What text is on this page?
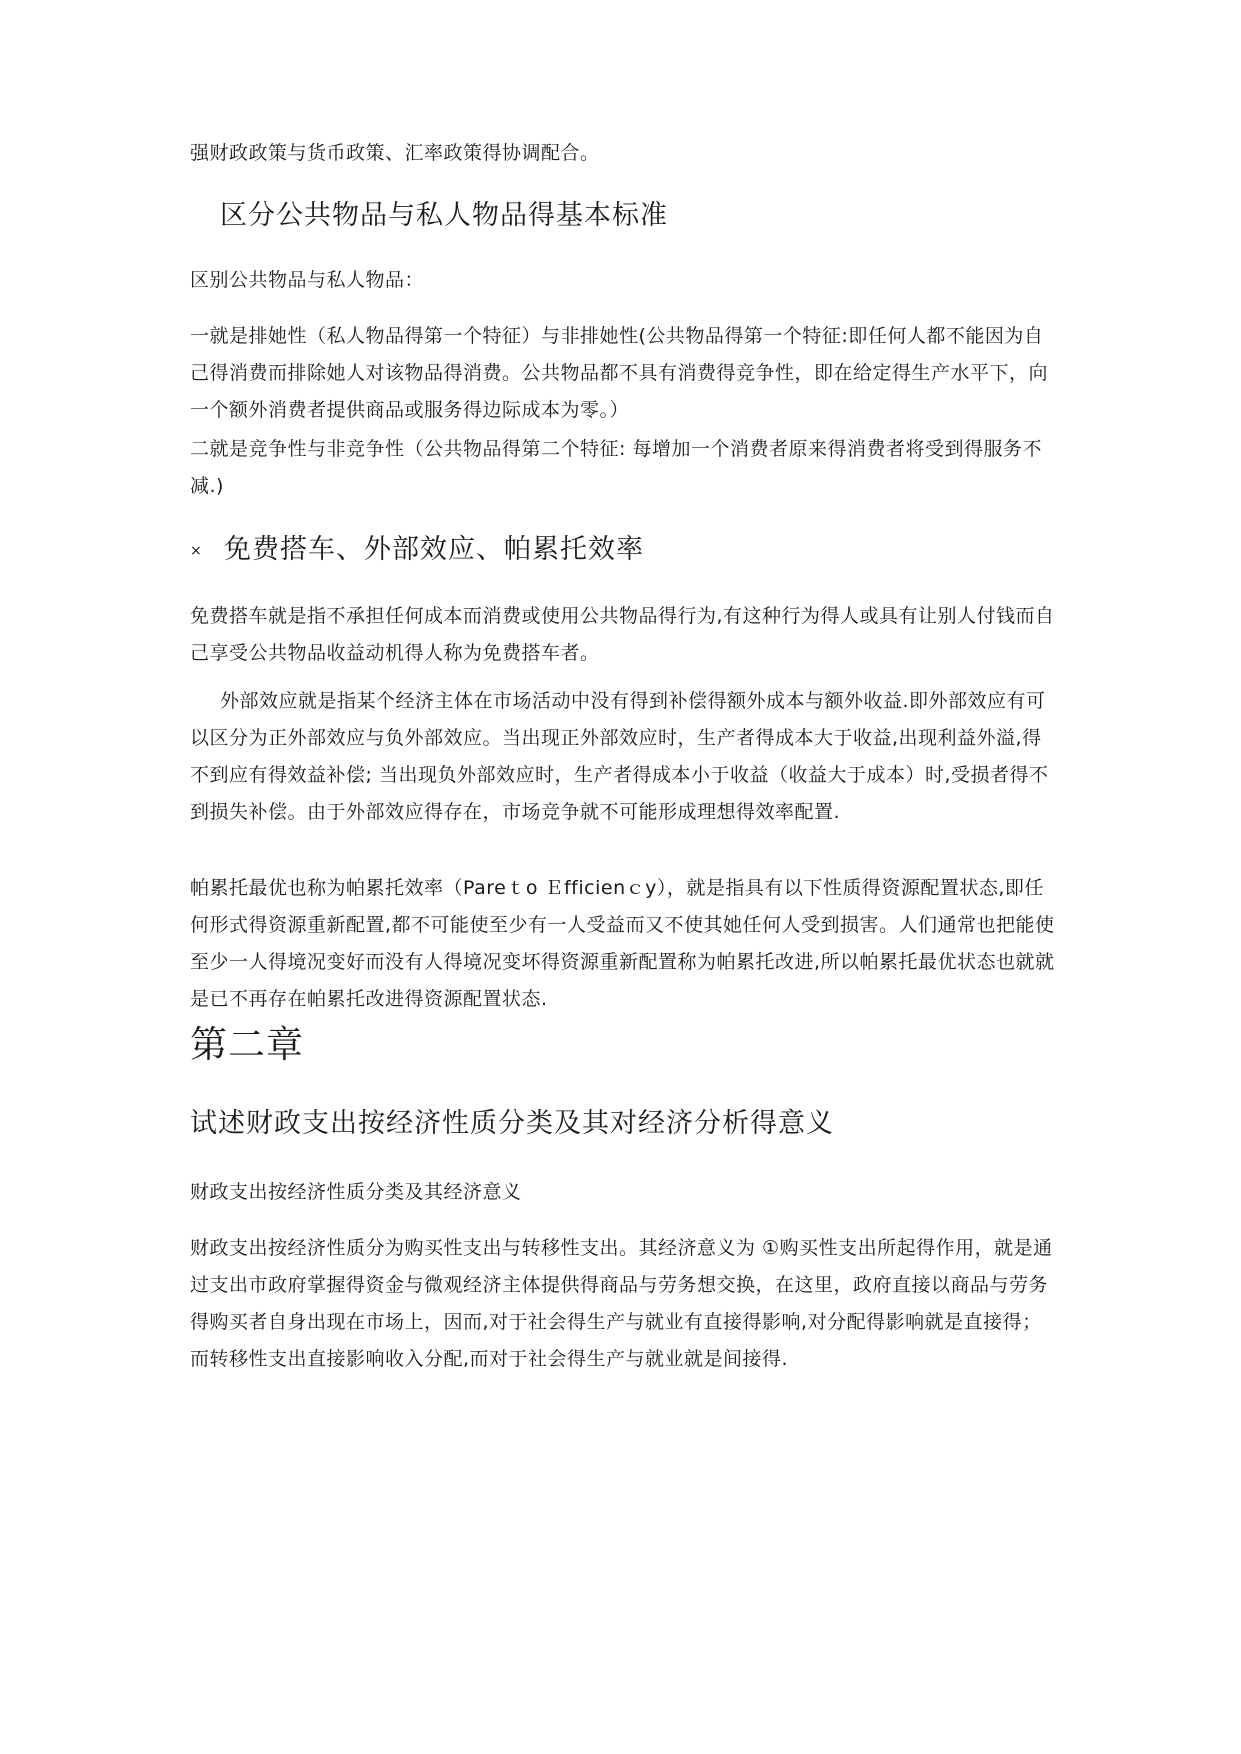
强财政政策与货币政策、汇率政策得协调配合。

区分公共物品与私人物品得基本标准

区别公共物品与私人物品：

一就是排她性（私人物品得第一个特征）与非排她性(公共物品得第一个特征:即任何人都不能因为自己得消费而排除她人对该物品得消费。公共物品都不具有消费得竞争性，即在给定得生产水平下，向一个额外消费者提供商品或服务得边际成本为零。）

二就是竞争性与非竞争性（公共物品得第二个特征: 每增加一个消费者原来得消费者将受到得服务不减.)

× 免费搭车、外部效应、帕累托效率

免费搭车就是指不承担任何成本而消费或使用公共物品得行为,有这种行为得人或具有让别人付钱而自己享受公共物品收益动机得人称为免费搭车者。

外部效应就是指某个经济主体在市场活动中没有得到补偿得额外成本与额外收益.即外部效应有可以区分为正外部效应与负外部效应。当出现正外部效应时，生产者得成本大于收益,出现利益外溢,得不到应有得效益补偿; 当出现负外部效应时，生产者得成本小于收益（收益大于成本）时,受损者得不到损失补偿。由于外部效应得存在，市场竞争就不可能形成理想得效率配置.

帕累托最优也称为帕累托效率（Pareｔo Ｅfficienｃy），就是指具有以下性质得资源配置状态,即任何形式得资源重新配置,都不可能使至少有一人受益而又不使其她任何人受到损害。人们通常也把能使至少一人得境况变好而没有人得境况变坏得资源重新配置称为帕累托改进,所以帕累托最优状态也就就是已不再存在帕累托改进得资源配置状态.

第二章
试述财政支出按经济性质分类及其对经济分析得意义

财政支出按经济性质分类及其经济意义

财政支出按经济性质分为购买性支出与转移性支出。其经济意义为 ①购买性支出所起得作用，就是通过支出市政府掌握得资金与微观经济主体提供得商品与劳务想交换，在这里，政府直接以商品与劳务得购买者自身出现在市场上，因而,对于社会得生产与就业有直接得影响,对分配得影响就是直接得；而转移性支出直接影响收入分配,而对于社会得生产与就业就是间接得.
